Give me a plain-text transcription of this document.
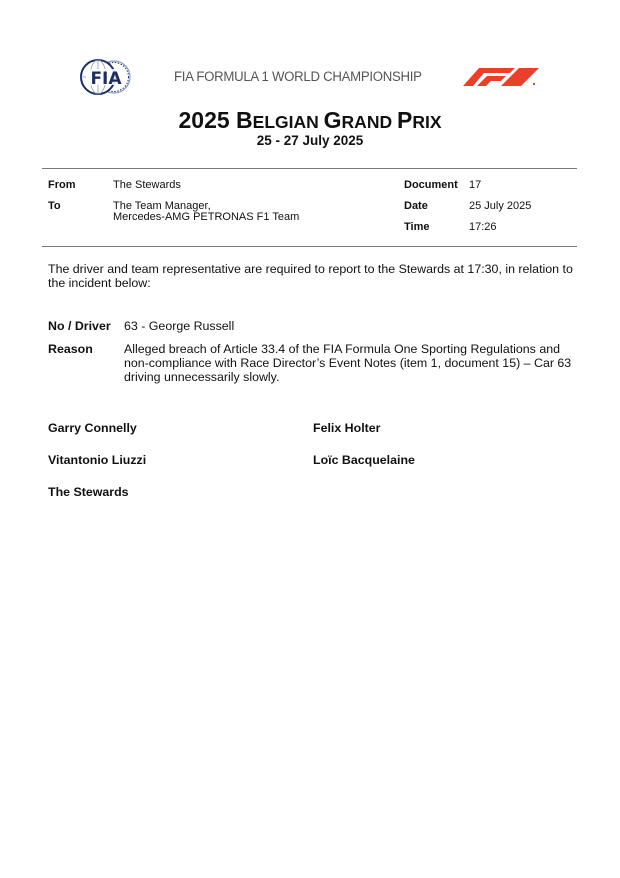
FIA	FIA FORMULA 1 WORLD CHAMPIONSHIP
2025 BELGIAN GRAND PRIX
25 - 27 July 2025
From	The Stewards
To	The Team Manager,
Mercedes-AMG PETRONAS F1 Team
Document 17
Date	25 July 2025
Time	17:26
The driver and team representative are required to report to the Stewards at 17:30, in relation to the incident below:
No / Driver 63 - George Russell
Reason	Alleged breach of Article 33.4 of the FIA Formula One Sporting Regulations and non-compliance with Race Director’s Event Notes (item 1, document 15) – Car 63 driving unnecessarily slowly.
Garry Connelly	Felix Holter
Vitantonio Liuzzi	Loïc Bacquelaine
The Stewards
